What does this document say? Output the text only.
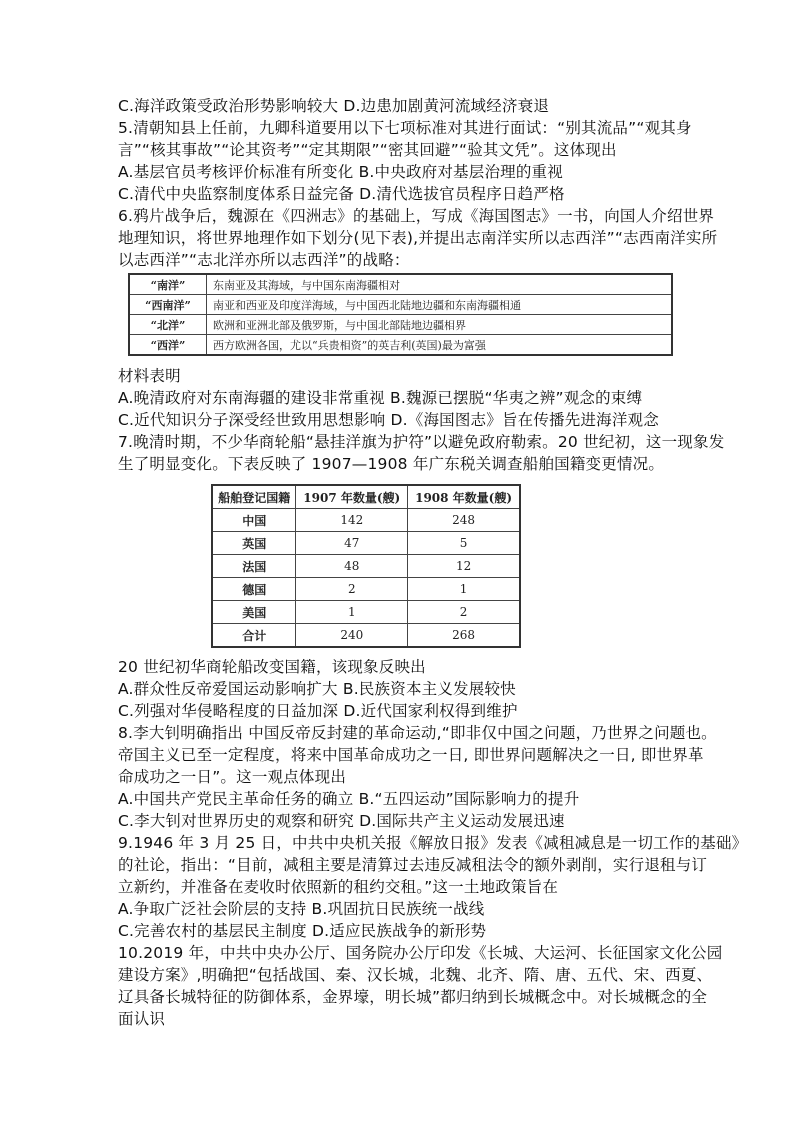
C.海洋政策受政治形势影响较大 D.边患加剧黄河流域经济衰退
5.清朝知县上任前，九卿科道要用以下七项标准对其进行面试：“别其流品”“观其身
言”“核其事故”“论其资考”“定其期限”“密其回避”“验其文凭”。这体现出
A.基层官员考核评价标准有所变化 B.中央政府对基层治理的重视
C.清代中央监察制度体系日益完备 D.清代选拔官员程序日趋严格
6.鸦片战争后，魏源在《四洲志》的基础上，写成《海国图志》一书，向国人介绍世界
地理知识，将世界地理作如下划分(见下表),并提出志南洋实所以志西洋”“志西南洋实所
以志西洋”“志北洋亦所以志西洋”的战略：
“南洋”	东南亚及其海域，与中国东南海疆相对
“西南洋”	南亚和西亚及印度洋海域，与中国西北陆地边疆和东南海疆相通
“北洋”	欧洲和亚洲北部及俄罗斯，与中国北部陆地边疆相界
“西洋”	西方欧洲各国，尤以“兵贵相资”的英吉利(英国)最为富强
材料表明
A.晚清政府对东南海疆的建设非常重视 B.魏源已摆脱“华夷之辨”观念的束缚
C.近代知识分子深受经世致用思想影响 D.《海国图志》旨在传播先进海洋观念
7.晚清时期，不少华商轮船“悬挂洋旗为护符”以避免政府勒索。20 世纪初，这一现象发
生了明显变化。下表反映了 1907—1908 年广东税关调查船舶国籍变更情况。
船舶登记国籍	1907 年数量(艘)	1908 年数量(艘)
中国	142	248
英国	47	5
法国	48	12
德国	2	1
美国	1	2
合计	240	268
20 世纪初华商轮船改变国籍，该现象反映出
A.群众性反帝爱国运动影响扩大 B.民族资本主义发展较快
C.列强对华侵略程度的日益加深 D.近代国家利权得到维护
8.李大钊明确指出 中国反帝反封建的革命运动,“即非仅中国之问题，乃世界之问题也。
帝国主义已至一定程度，将来中国革命成功之一日, 即世界问题解决之一日, 即世界革
命成功之一日”。这一观点体现出
A.中国共产党民主革命任务的确立 B.“五四运动”国际影响力的提升
C.李大钊对世界历史的观察和研究 D.国际共产主义运动发展迅速
9.1946 年 3 月 25 日，中共中央机关报《解放日报》发表《减租减息是一切工作的基础》
的社论，指出：“目前，减租主要是清算过去违反减租法令的额外剥削，实行退租与订
立新约，并准备在麦收时依照新的租约交租。”这一土地政策旨在
A.争取广泛社会阶层的支持 B.巩固抗日民族统一战线
C.完善农村的基层民主制度 D.适应民族战争的新形势
10.2019 年，中共中央办公厅、国务院办公厅印发《长城、大运河、长征国家文化公园
建设方案》,明确把“包括战国、秦、汉长城，北魏、北齐、隋、唐、五代、宋、西夏、
辽具备长城特征的防御体系，金界壕，明长城”都归纳到长城概念中。对长城概念的全
面认识
